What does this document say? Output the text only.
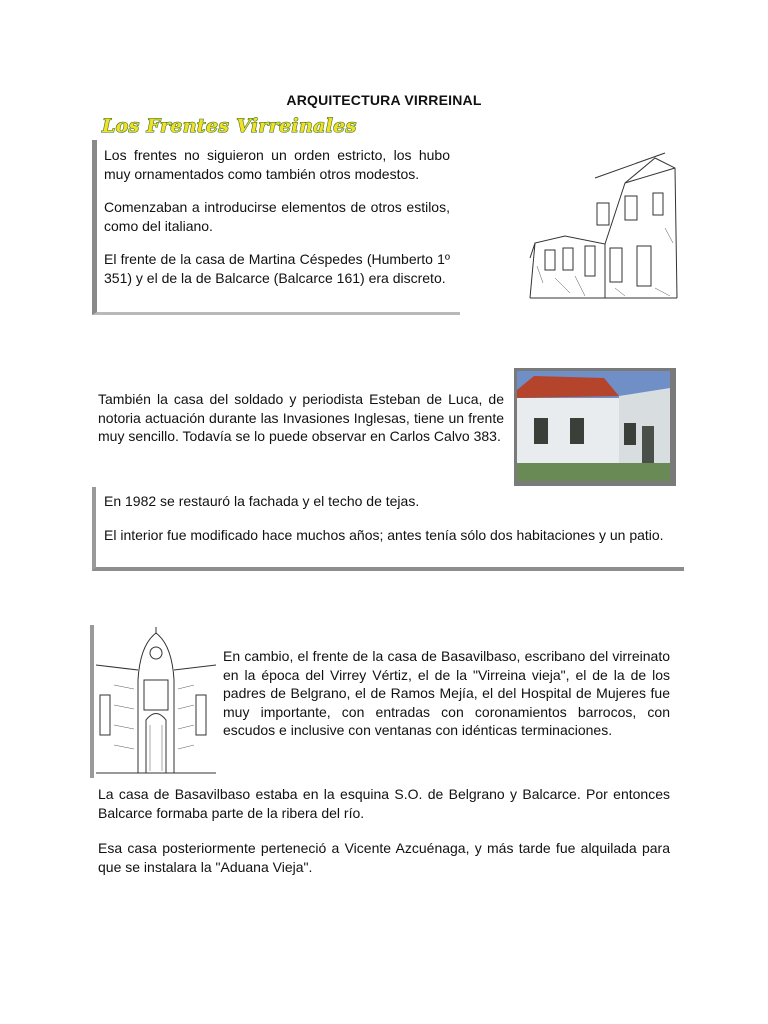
ARQUITECTURA VIRREINAL
Los Frentes Virreinales

Los frentes no siguieron un orden estricto, los hubo muy ornamentados como también otros modestos.

Comenzaban a introducirse elementos de otros estilos, como del italiano.

El frente de la casa de Martina Céspedes (Humberto 1º 351) y el de la de Balcarce (Balcarce 161) era discreto.

También la casa del soldado y periodista Esteban de Luca, de notoria actuación durante las Invasiones Inglesas, tiene un frente muy sencillo. Todavía se lo puede observar en Carlos Calvo 383.

En 1982 se restauró la fachada y el techo de tejas.

El interior fue modificado hace muchos años; antes tenía sólo dos habitaciones y un patio.

En cambio, el frente de la casa de Basavilbaso, escribano del virreinato en la época del Virrey Vértiz, el de la "Virreina vieja", el de la de los padres de Belgrano, el de Ramos Mejía, el del Hospital de Mujeres fue muy importante, con entradas con coronamientos barrocos, con escudos e inclusive con ventanas con idénticas terminaciones.

La casa de Basavilbaso estaba en la esquina S.O. de Belgrano y Balcarce. Por entonces Balcarce formaba parte de la ribera del río.

Esa casa posteriormente perteneció a Vicente Azcuénaga, y más tarde fue alquilada para que se instalara la "Aduana Vieja".
